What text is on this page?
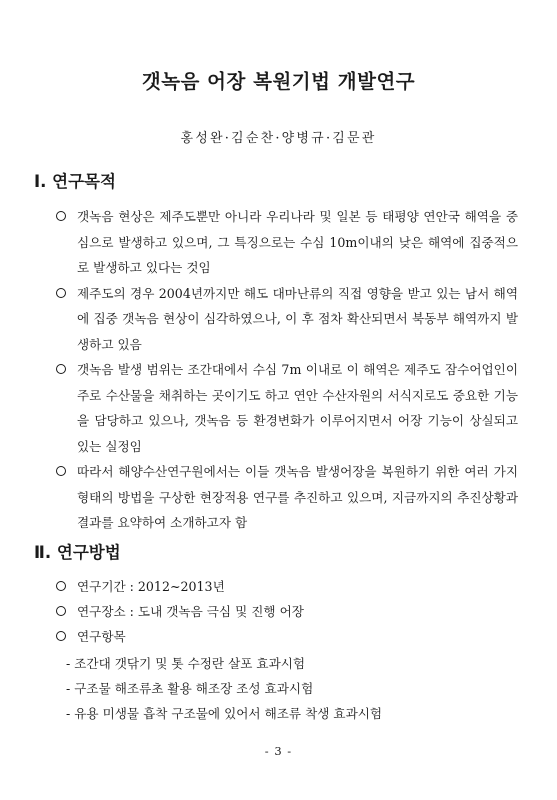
갯녹음 어장 복원기법 개발연구
홍성완·김순찬·양병규·김문관
Ⅰ. 연구목적
갯녹음 현상은 제주도뿐만 아니라 우리나라 및 일본 등 태평양 연안국 해역을 중심으로 발생하고 있으며, 그 특징으로는 수심 10m이내의 낮은 해역에 집중적으로 발생하고 있다는 것임
제주도의 경우 2004년까지만 해도 대마난류의 직접 영향을 받고 있는 남서 해역에 집중 갯녹음 현상이 심각하였으나, 이 후 점차 확산되면서 북동부 해역까지 발생하고 있음
갯녹음 발생 범위는 조간대에서 수심 7m 이내로 이 해역은 제주도 잠수어업인이 주로 수산물을 채취하는 곳이기도 하고 연안 수산자원의 서식지로도 중요한 기능을 담당하고 있으나, 갯녹음 등 환경변화가 이루어지면서 어장 기능이 상실되고 있는 실정임
따라서 해양수산연구원에서는 이들 갯녹음 발생어장을 복원하기 위한 여러 가지 형태의 방법을 구상한 현장적용 연구를 추진하고 있으며, 지금까지의 추진상황과 결과를 요약하여 소개하고자 함
Ⅱ. 연구방법
연구기간 : 2012~2013년
연구장소 : 도내 갯녹음 극심 및 진행 어장
연구항목
- 조간대 갯닦기 및 톳 수정란 살포 효과시험
- 구조물 해조류초 활용 해조장 조성 효과시험
- 유용 미생물 흡착 구조물에 있어서 해조류 착생 효과시험
- 3 -
